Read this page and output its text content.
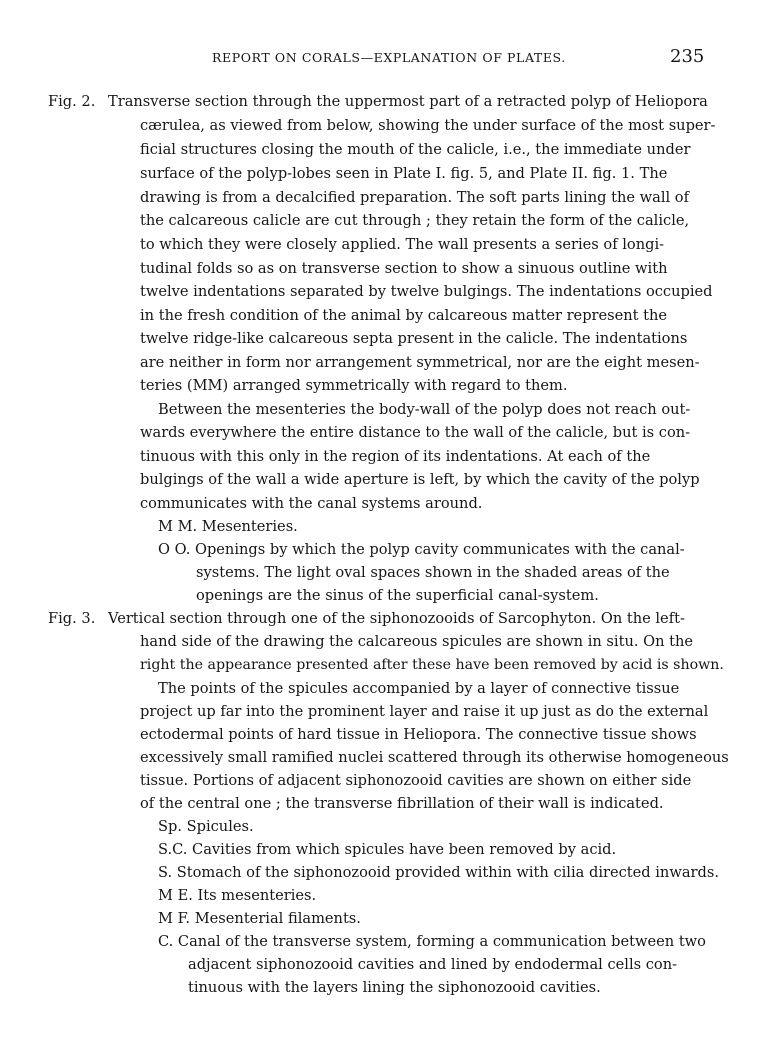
REPORT ON CORALS—EXPLANATION OF PLATES.	235
Fig. 2. Transverse section through the uppermost part of a retracted polyp of Heliopora
cærulea, as viewed from below, showing the under surface of the most super-
ficial structures closing the mouth of the calicle, i.e., the immediate under
surface of the polyp-lobes seen in Plate I. fig. 5, and Plate II. fig. 1. The
drawing is from a decalcified preparation. The soft parts lining the wall of
the calcareous calicle are cut through ; they retain the form of the calicle,
to which they were closely applied. The wall presents a series of longi-
tudinal folds so as on transverse section to show a sinuous outline with
twelve indentations separated by twelve bulgings. The indentations occupied
in the fresh condition of the animal by calcareous matter represent the
twelve ridge-like calcareous septa present in the calicle. The indentations
are neither in form nor arrangement symmetrical, nor are the eight mesen-
teries (MM) arranged symmetrically with regard to them.
Between the mesenteries the body-wall of the polyp does not reach out-
wards everywhere the entire distance to the wall of the calicle, but is con-
tinuous with this only in the region of its indentations. At each of the
bulgings of the wall a wide aperture is left, by which the cavity of the polyp
communicates with the canal systems around.
M M. Mesenteries.
O O. Openings by which the polyp cavity communicates with the canal-
systems. The light oval spaces shown in the shaded areas of the
openings are the sinus of the superficial canal-system.
Fig. 3. Vertical section through one of the siphonozooids of Sarcophyton. On the left-
hand side of the drawing the calcareous spicules are shown in situ. On the
right the appearance presented after these have been removed by acid is shown.
The points of the spicules accompanied by a layer of connective tissue
project up far into the prominent layer and raise it up just as do the external
ectodermal points of hard tissue in Heliopora. The connective tissue shows
excessively small ramified nuclei scattered through its otherwise homogeneous
tissue. Portions of adjacent siphonozooid cavities are shown on either side
of the central one ; the transverse fibrillation of their wall is indicated.
Sp. Spicules.
S.C. Cavities from which spicules have been removed by acid.
S. Stomach of the siphonozooid provided within with cilia directed inwards.
M E. Its mesenteries.
M F. Mesenterial filaments.
C. Canal of the transverse system, forming a communication between two
adjacent siphonozooid cavities and lined by endodermal cells con-
tinuous with the layers lining the siphonozooid cavities.
